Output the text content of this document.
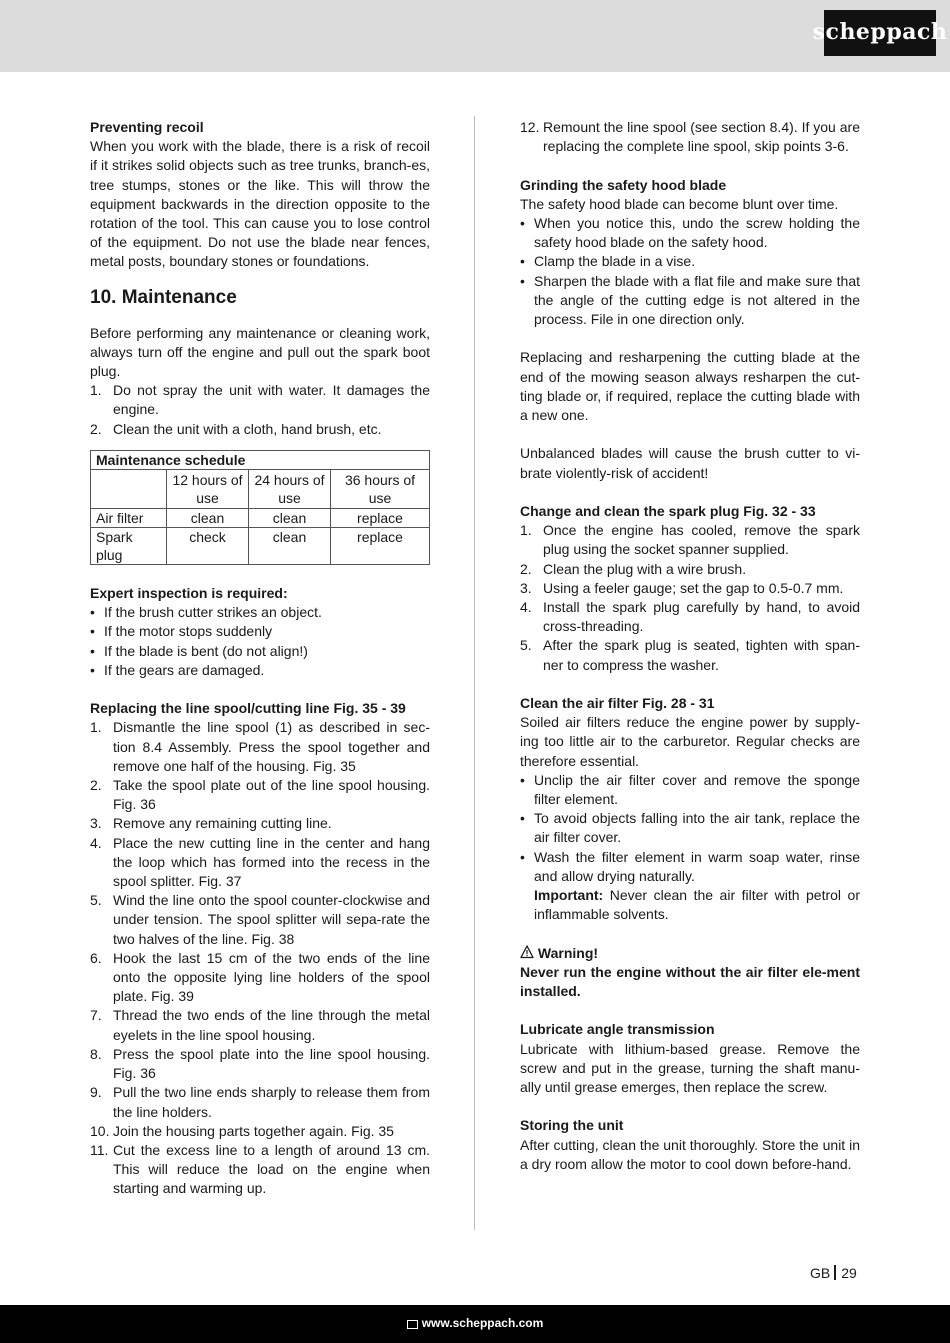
scheppach
Preventing recoil

When you work with the blade, there is a risk of recoil if it strikes solid objects such as tree trunks, branch-es, tree stumps, stones or the like. This will throw the equipment backwards in the direction opposite to the rotation of the tool. This can cause you to lose control of the equipment. Do not use the blade near fences, metal posts, boundary stones or foundations.

10. Maintenance

Before performing any maintenance or cleaning work, always turn off the engine and pull out the spark boot plug.

1. Do not spray the unit with water. It damages the engine.
2. Clean the unit with a cloth, hand brush, etc.
Maintenance schedule			
	12 hours of use	24 hours of use	36 hours of use
Air filter	clean	clean	replace
Spark plug	check	clean	replace
Expert inspection is required:
• If the brush cutter strikes an object.
• If the motor stops suddenly
• If the blade is bent (do not align!)
• If the gears are damaged.
Replacing the line spool/cutting line Fig. 35 - 39
1. Dismantle the line spool (1) as described in sec-tion 8.4 Assembly. Press the spool together and remove one half of the housing. Fig. 35
2. Take the spool plate out of the line spool housing. Fig. 36
3. Remove any remaining cutting line.
4. Place the new cutting line in the center and hang the loop which has formed into the recess in the spool splitter. Fig. 37
5. Wind the line onto the spool counter-clockwise and under tension. The spool splitter will sepa-rate the two halves of the line. Fig. 38
6. Hook the last 15 cm of the two ends of the line onto the opposite lying line holders of the spool plate. Fig. 39
7. Thread the two ends of the line through the metal eyelets in the line spool housing.
8. Press the spool plate into the line spool housing. Fig. 36
9. Pull the two line ends sharply to release them from the line holders.
10. Join the housing parts together again. Fig. 35
11. Cut the excess line to a length of around 13 cm. This will reduce the load on the engine when starting and warming up.
12. Remount the line spool (see section 8.4). If you are replacing the complete line spool, skip points 3-6.
Grinding the safety hood blade

The safety hood blade can become blunt over time.

• When you notice this, undo the screw holding the safety hood blade on the safety hood.
• Clamp the blade in a vise.
• Sharpen the blade with a flat file and make sure that the angle of the cutting edge is not altered in the process. File in one direction only.

Replacing and resharpening the cutting blade at the end of the mowing season always resharpen the cut-ting blade or, if required, replace the cutting blade with a new one.

Unbalanced blades will cause the brush cutter to vi-brate violently-risk of accident!

Change and clean the spark plug Fig. 32 - 33
1. Once the engine has cooled, remove the spark plug using the socket spanner supplied.
2. Clean the plug with a wire brush.
3. Using a feeler gauge; set the gap to 0.5-0.7 mm.
4. Install the spark plug carefully by hand, to avoid cross-threading.
5. After the spark plug is seated, tighten with span-ner to compress the washer.
Clean the air filter Fig. 28 - 31

Soiled air filters reduce the engine power by supply-ing too little air to the carburetor. Regular checks are therefore essential.

• Unclip the air filter cover and remove the sponge filter element.
• To avoid objects falling into the air tank, replace the air filter cover.
• Wash the filter element in warm soap water, rinse and allow drying naturally.
Important: Never clean the air filter with petrol or inflammable solvents.
Warning!

Never run the engine without the air filter ele-ment installed.

Lubricate angle transmission

Lubricate with lithium-based grease. Remove the screw and put in the grease, turning the shaft manu-ally until grease emerges, then replace the screw.

Storing the unit

After cutting, clean the unit thoroughly. Store the unit in a dry room allow the motor to cool down before-hand.

GB 29
www.scheppach.com
